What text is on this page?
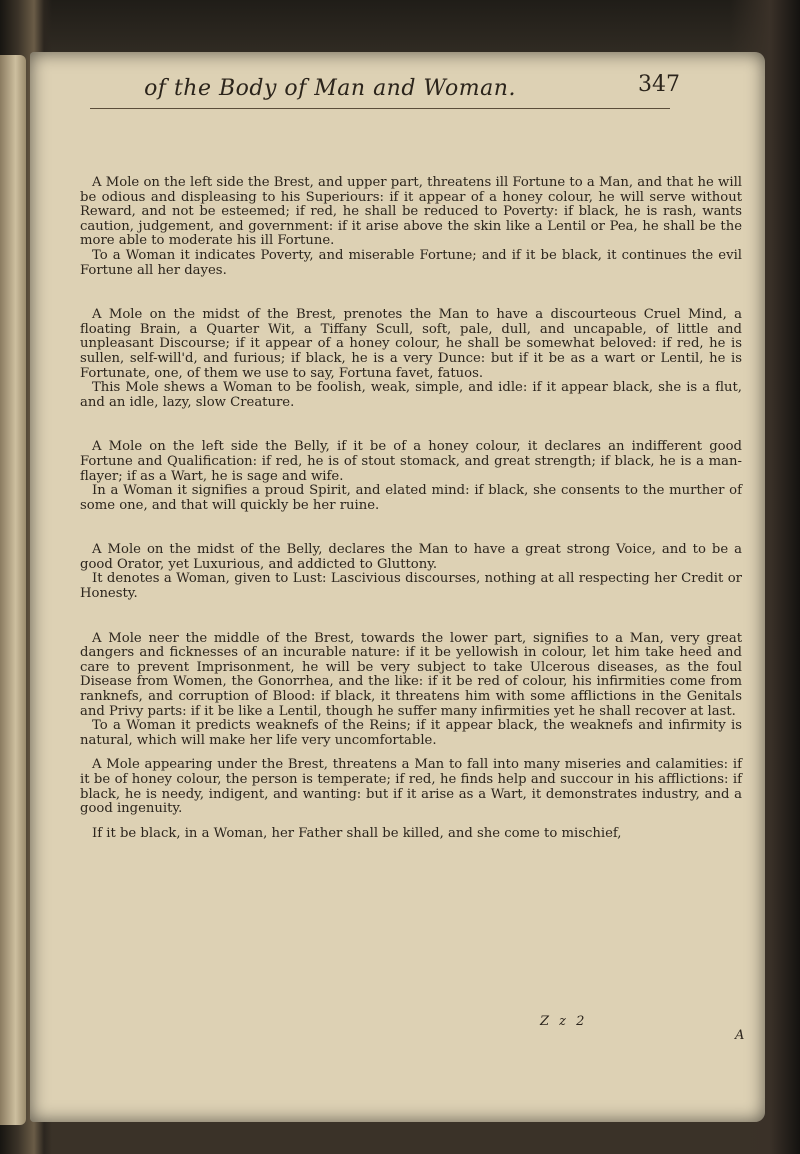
of the Body of Man and Woman.	347

A Mole on the left side the Brest, and upper part, threatens ill Fortune to a Man, and that he will be odious and displeasing to his Superiours: if it appear of a honey colour, he will serve without Reward, and not be esteemed; if red, he shall be reduced to Poverty: if black, he is rash, wants caution, judgement, and government: if it arise above the skin like a Lentil or Pea, he shall be the more able to moderate his ill Fortune.

To a Woman it indicates Poverty, and miserable Fortune; and if it be black, it continues the evil Fortune all her dayes.

A Mole on the midst of the Brest, prenotes the Man to have a discourteous Cruel Mind, a floating Brain, a Quarter Wit, a Tiffany Scull, soft, pale, dull, and uncapable, of little and unpleasant Discourse; if it appear of a honey colour, he shall be somewhat beloved: if red, he is sullen, self-will'd, and furious; if black, he is a very Dunce: but if it be as a wart or Lentil, he is Fortunate, one, of them we use to say, Fortuna favet, fatuos.

This Mole shews a Woman to be foolish, weak, simple, and idle: if it appear black, she is a flut, and an idle, lazy, slow Creature.

A Mole on the left side the Belly, if it be of a honey colour, it declares an indifferent good Fortune and Qualification: if red, he is of stout stomack, and great strength; if black, he is a man-flayer; if as a Wart, he is sage and wife.

In a Woman it signifies a proud Spirit, and elated mind: if black, she consents to the murther of some one, and that will quickly be her ruine.

A Mole on the midst of the Belly, declares the Man to have a great strong Voice, and to be a good Orator, yet Luxurious, and addicted to Gluttony.

It denotes a Woman, given to Lust: Lascivious discourses, nothing at all respecting her Credit or Honesty.

A Mole neer the middle of the Brest, towards the lower part, signifies to a Man, very great dangers and ficknesses of an incurable nature: if it be yellowish in colour, let him take heed and care to prevent Imprisonment, he will be very subject to take Ulcerous diseases, as the foul Disease from Women, the Gonorrhea, and the like: if it be red of colour, his infirmities come from ranknefs, and corruption of Blood: if black, it threatens him with some afflictions in the Genitals and Privy parts: if it be like a Lentil, though he suffer many infirmities yet he shall recover at last.

To a Woman it predicts weaknefs of the Reins; if it appear black, the weaknefs and infirmity is natural, which will make her life very uncomfortable.

A Mole appearing under the Brest, threatens a Man to fall into many miseries and calamities: if it be of honey colour, the person is temperate; if red, he finds help and succour in his afflictions: if black, he is needy, indigent, and wanting: but if it arise as a Wart, it demonstrates industry, and a good ingenuity.

If it be black, in a Woman, her Father shall be killed, and she come to mischief,

Z z 2
A
